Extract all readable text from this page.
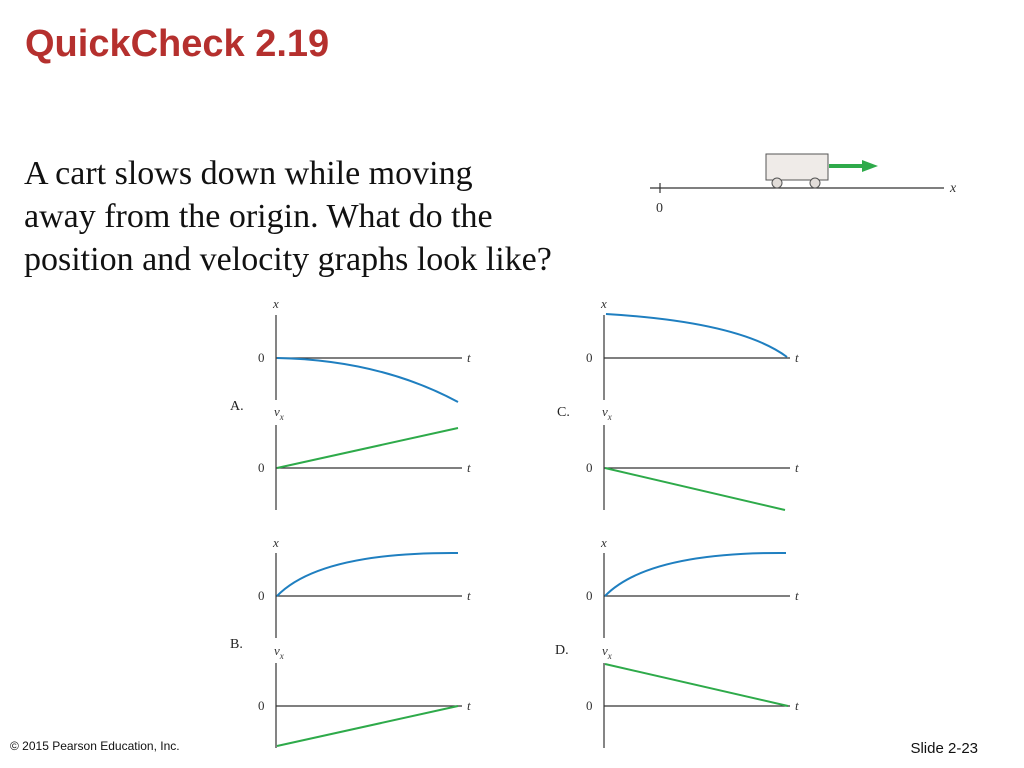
QuickCheck 2.19
A cart slows down while moving
away from the origin. What do the
position and velocity graphs look like?
0
x
A.
x
0	t
$v_x$
0	t
C.
x
0	t
$v_x$
0	t
B.
x
0	t
$v_x$
0	t
D.
x
0	t
$v_x$
0	t
© 2015 Pearson Education, Inc.	Slide 2-23
